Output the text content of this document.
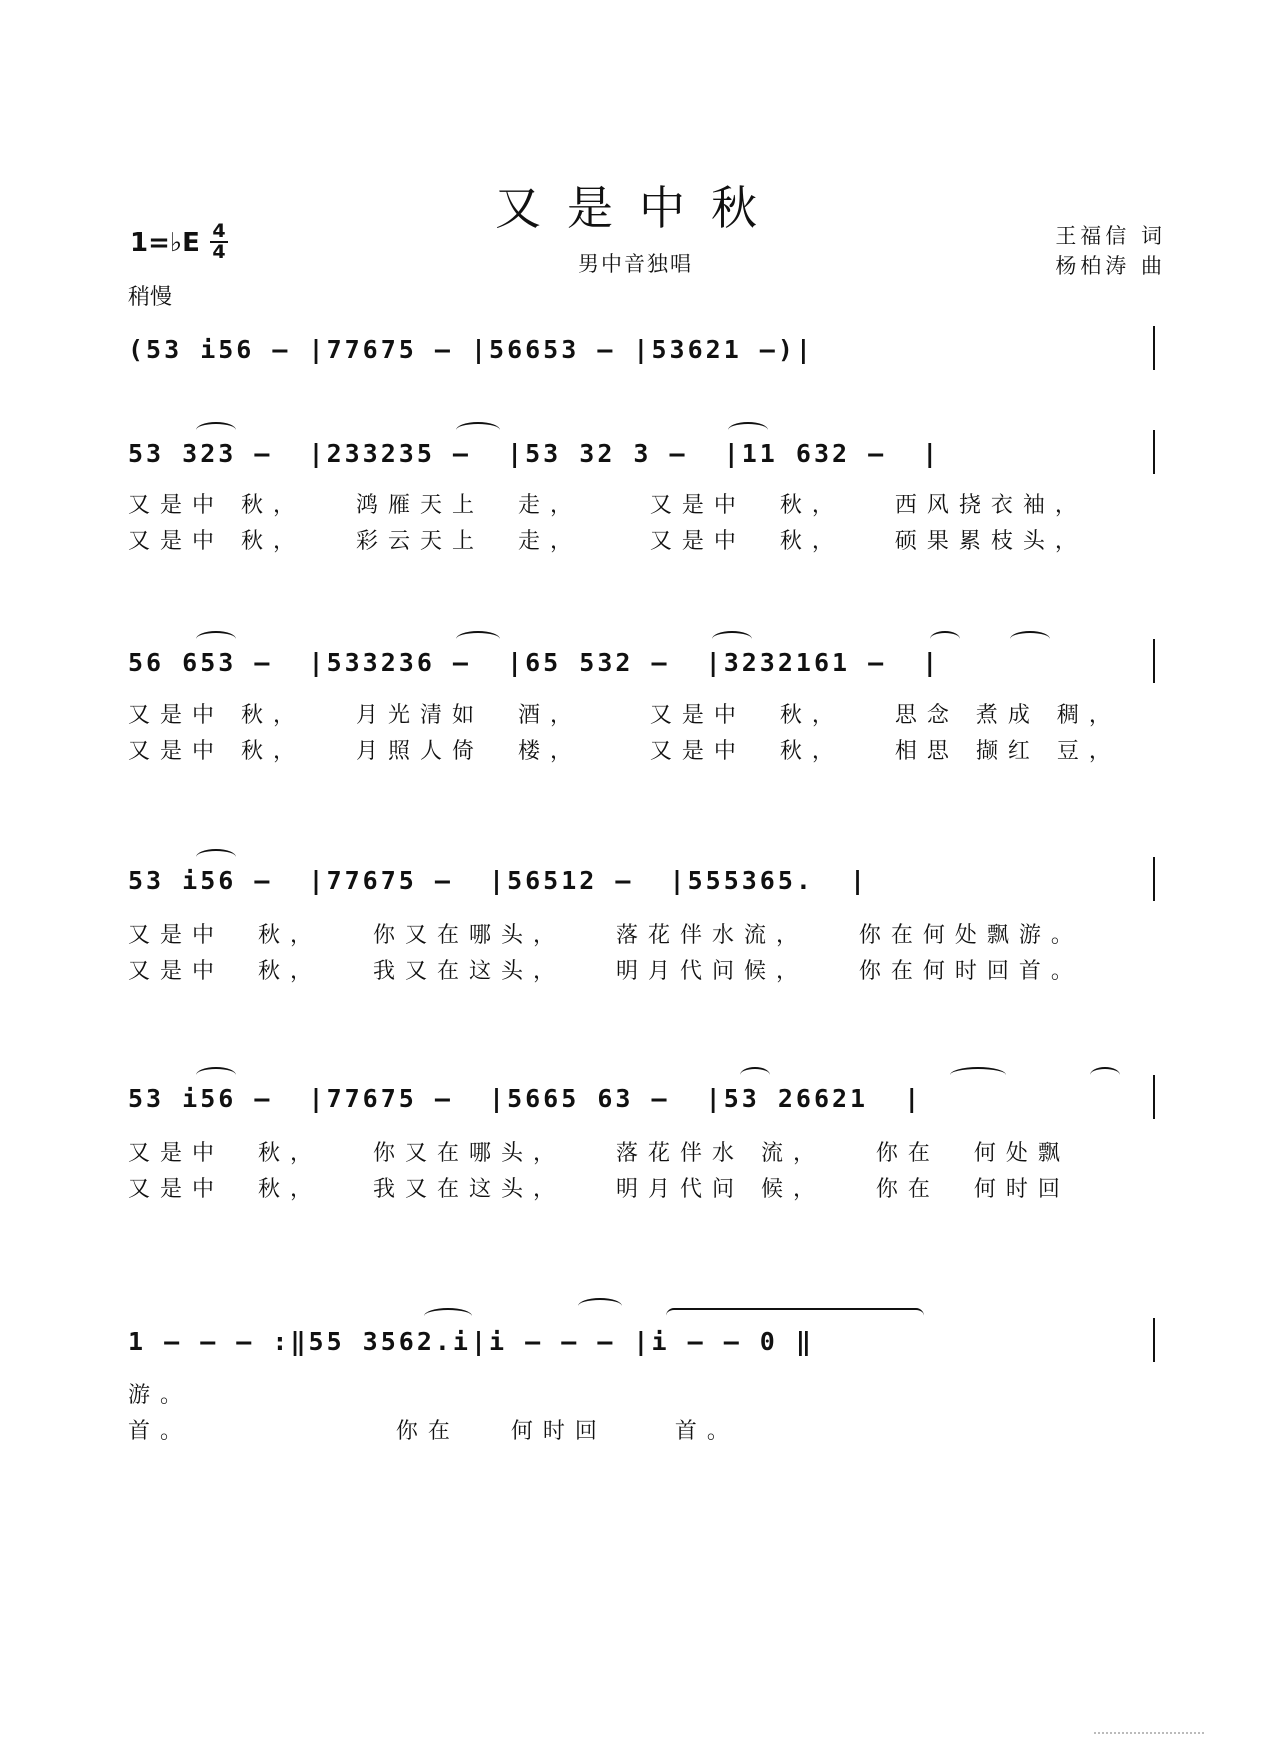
又是中秋
男中音独唱
王福信 词
杨柏涛 曲
1=♭E $\frac{4}{4}$
稍慢
(53 i56 – |77675 – |56653 – |53621 –)|
53 323 –  |233235 –  |53 32 3 –  |11 632 –  |
又是中 秋，   鸿雁天上  走，    又是中  秋，   西风挠衣袖，
又是中 秋，   彩云天上  走，    又是中  秋，   硕果累枝头，
56 653 –  |533236 –  |65 532 –  |3232161 –  |
又是中 秋，   月光清如  酒，    又是中  秋，   思念 煮成 稠，
又是中 秋，   月照人倚  楼，    又是中  秋，   相思 撷红 豆，
53 i56 –  |77675 –  |56512 –  |555365.  |
又是中  秋，   你又在哪头，   落花伴水流，   你在何处飘游。
又是中  秋，   我又在这头，   明月代问候，   你在何时回首。
53 i56 –  |77675 –  |5665 63 –  |53 26621  |
又是中  秋，   你又在哪头，   落花伴水 流，   你在  何处飘
又是中  秋，   我又在这头，   明月代问 候，   你在  何时回
1 – – – :‖55 3562.i|i – – – |i – – 0 ‖
游。
首。            你在   何时回    首。
